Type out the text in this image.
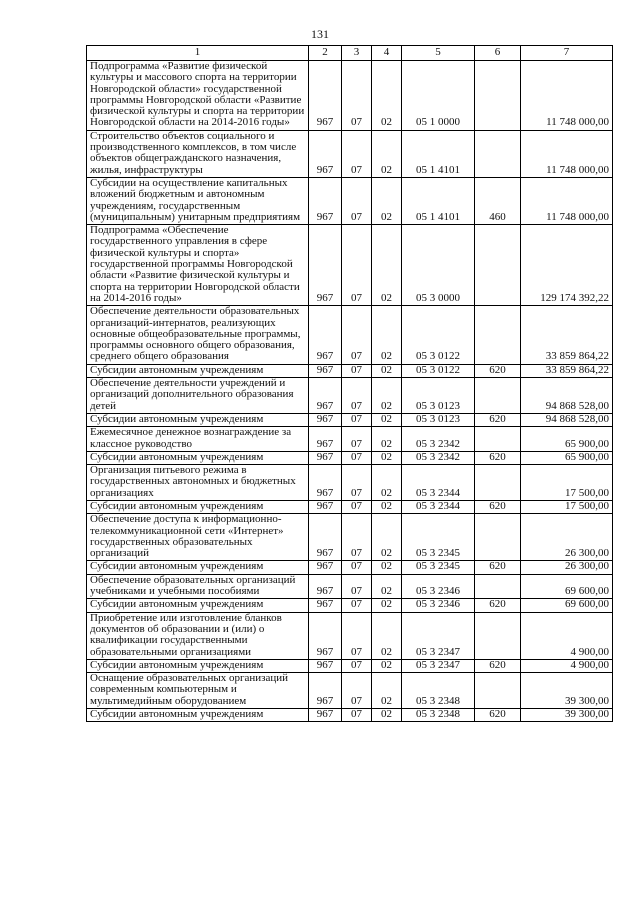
131
1	2	3	4	5	6	7
Подпрограмма «Развитие физической культуры и массового спорта на территории Новгородской области» государственной программы Новгородской области «Развитие физической культуры и спорта на территории Новгородской области на 2014-2016 годы»	967	07	02	05 1 0000		11 748 000,00
Строительство объектов социального и производственного комплексов, в том числе объектов общегражданского назначения, жилья, инфраструктуры	967	07	02	05 1 4101		11 748 000,00
Субсидии на осуществление капитальных вложений бюджетным и автономным учреждениям, государственным (муниципальным) унитарным предприятиям	967	07	02	05 1 4101	460	11 748 000,00
Подпрограмма «Обеспечение государственного управления в сфере физической культуры и спорта» государственной программы Новгородской области «Развитие физической культуры и спорта на территории Новгородской области на 2014-2016 годы»	967	07	02	05 3 0000		129 174 392,22
Обеспечение деятельности образовательных организаций-интернатов, реализующих основные общеобразовательные программы, программы основного общего образования, среднего общего образования	967	07	02	05 3 0122		33 859 864,22
Субсидии автономным учреждениям	967	07	02	05 3 0122	620	33 859 864,22
Обеспечение деятельности учреждений и организаций дополнительного образования детей	967	07	02	05 3 0123		94 868 528,00
Субсидии автономным учреждениям	967	07	02	05 3 0123	620	94 868 528,00
Ежемесячное денежное вознаграждение за классное руководство	967	07	02	05 3 2342		65 900,00
Субсидии автономным учреждениям	967	07	02	05 3 2342	620	65 900,00
Организация питьевого режима в государственных автономных и бюджетных организациях	967	07	02	05 3 2344		17 500,00
Субсидии автономным учреждениям	967	07	02	05 3 2344	620	17 500,00
Обеспечение доступа к информационно-телекоммуникационной сети «Интернет» государственных образовательных организаций	967	07	02	05 3 2345		26 300,00
Субсидии автономным учреждениям	967	07	02	05 3 2345	620	26 300,00
Обеспечение образовательных организаций учебниками и учебными пособиями	967	07	02	05 3 2346		69 600,00
Субсидии автономным учреждениям	967	07	02	05 3 2346	620	69 600,00
Приобретение или изготовление бланков документов об образовании и (или) о квалификации государственными образовательными организациями	967	07	02	05 3 2347		4 900,00
Субсидии автономным учреждениям	967	07	02	05 3 2347	620	4 900,00
Оснащение образовательных организаций современным компьютерным и мультимедийным оборудованием	967	07	02	05 3 2348		39 300,00
Субсидии автономным учреждениям	967	07	02	05 3 2348	620	39 300,00
